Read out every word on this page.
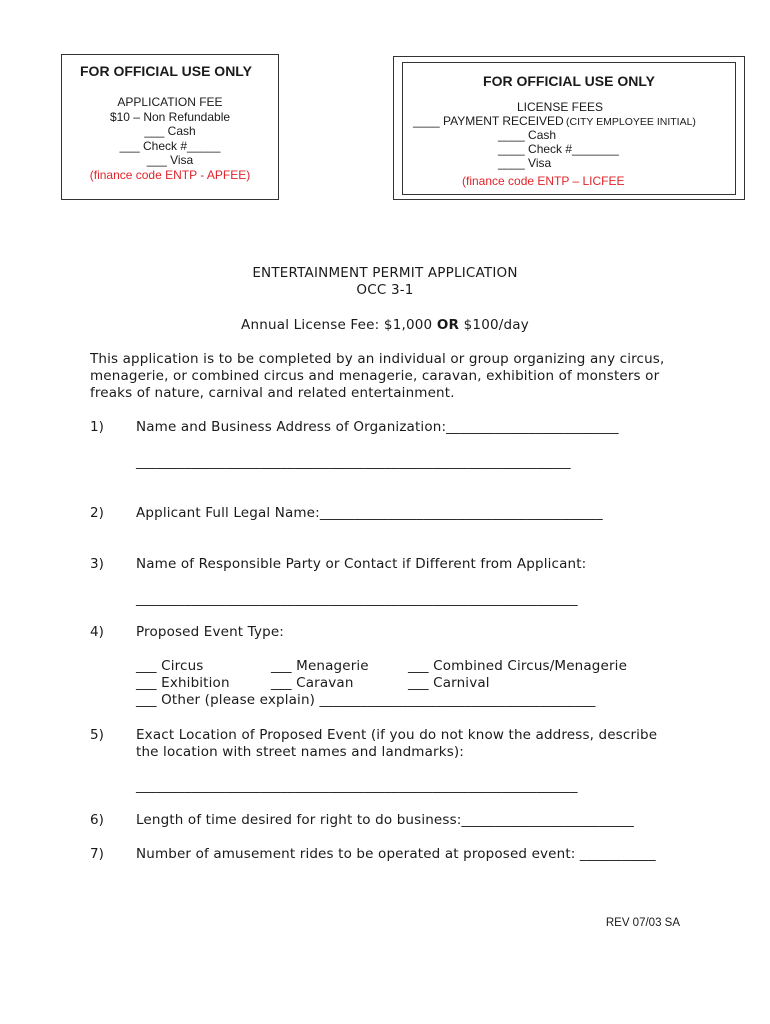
FOR OFFICIAL USE ONLY
APPLICATION FEE
$10 – Non Refundable
___ Cash
___ Check #_____
___ Visa
(finance code ENTP - APFEE)
FOR OFFICIAL USE ONLY
LICENSE FEES
____ PAYMENT RECEIVED (CITY EMPLOYEE INITIAL)
____ Cash
____ Check #_______
____ Visa
(finance code ENTP – LICFEE
ENTERTAINMENT PERMIT APPLICATION
OCC 3-1
Annual License Fee: $1,000 OR $100/day
This application is to be completed by an individual or group organizing any circus,
menagerie, or combined circus and menagerie, caravan, exhibition of monsters or
freaks of nature, carnival and related entertainment.
1) Name and Business Address of Organization:_________________________
_______________________________________________________________
2) Applicant Full Legal Name:_________________________________________
3) Name of Responsible Party or Contact if Different from Applicant:
________________________________________________________________
4) Proposed Event Type:
___ Circus	___ Menagerie	___ Combined Circus/Menagerie
___ Exhibition	___ Caravan	___ Carnival
___ Other (please explain) ________________________________________
5) Exact Location of Proposed Event (if you do not know the address, describe
the location with street names and landmarks):
________________________________________________________________
6) Length of time desired for right to do business:_________________________
7) Number of amusement rides to be operated at proposed event: ___________
REV 07/03 SA
